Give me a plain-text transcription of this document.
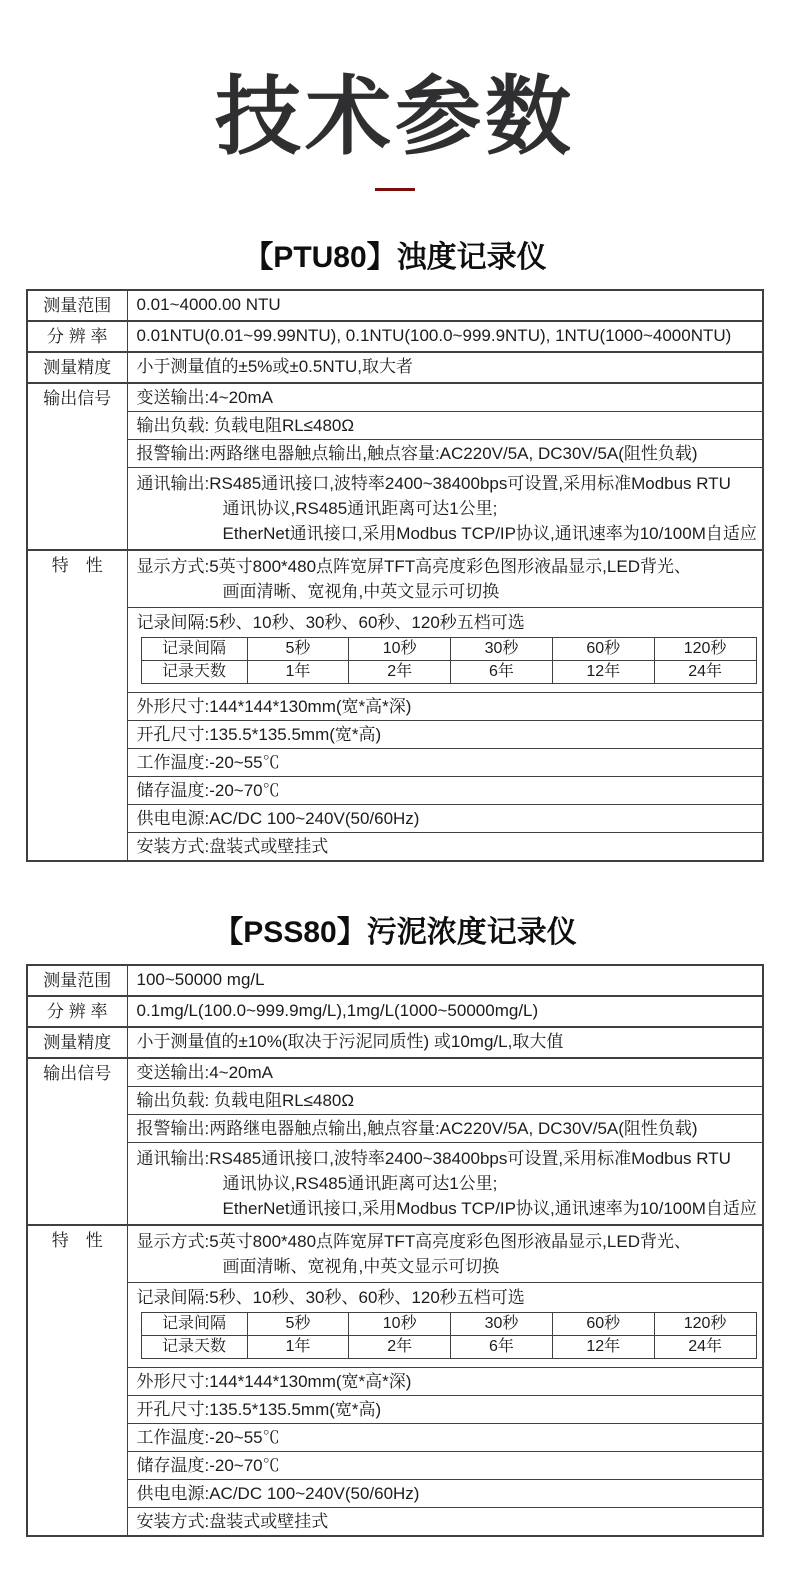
技术参数
【PTU80】浊度记录仪
测量范围	0.01~4000.00 NTU
分 辨 率	0.01NTU(0.01~99.99NTU), 0.1NTU(100.0~999.9NTU), 1NTU(1000~4000NTU)
测量精度	小于测量值的±5%或±0.5NTU,取大者
输出信号	变送输出:4~20mA
输出负载: 负载电阻RL≤480Ω
报警输出:两路继电器触点输出,触点容量:AC220V/5A, DC30V/5A(阻性负载)

通讯输出:RS485通讯接口,波特率2400~38400bps可设置,采用标准Modbus RTU
通讯协议,RS485通讯距离可达1公里;
EtherNet通讯接口,采用Modbus TCP/IP协议,通讯速率为10/100M自适应

特　性	显示方式:5英寸800*480点阵宽屏TFT高亮度彩色图形液晶显示,LED背光、
画面清晰、宽视角,中英文显示可切换

记录间隔:5秒、10秒、30秒、60秒、120秒五档可选
记录间隔	5秒	10秒	30秒	60秒	120秒
记录天数	1年	2年	6年	12年	24年

外形尺寸:144*144*130mm(宽*高*深)
开孔尺寸:135.5*135.5mm(宽*高)
工作温度:-20~55℃
储存温度:-20~70℃
供电电源:AC/DC 100~240V(50/60Hz)
安装方式:盘装式或壁挂式
【PSS80】污泥浓度记录仪
测量范围	100~50000 mg/L
分 辨 率	0.1mg/L(100.0~999.9mg/L),1mg/L(1000~50000mg/L)
测量精度	小于测量值的±10%(取决于污泥同质性) 或10mg/L,取大值
输出信号	变送输出:4~20mA
输出负载: 负载电阻RL≤480Ω
报警输出:两路继电器触点输出,触点容量:AC220V/5A, DC30V/5A(阻性负载)

通讯输出:RS485通讯接口,波特率2400~38400bps可设置,采用标准Modbus RTU
通讯协议,RS485通讯距离可达1公里;
EtherNet通讯接口,采用Modbus TCP/IP协议,通讯速率为10/100M自适应

特　性	显示方式:5英寸800*480点阵宽屏TFT高亮度彩色图形液晶显示,LED背光、
画面清晰、宽视角,中英文显示可切换

记录间隔:5秒、10秒、30秒、60秒、120秒五档可选
记录间隔	5秒	10秒	30秒	60秒	120秒
记录天数	1年	2年	6年	12年	24年

外形尺寸:144*144*130mm(宽*高*深)
开孔尺寸:135.5*135.5mm(宽*高)
工作温度:-20~55℃
储存温度:-20~70℃
供电电源:AC/DC 100~240V(50/60Hz)
安装方式:盘装式或壁挂式
